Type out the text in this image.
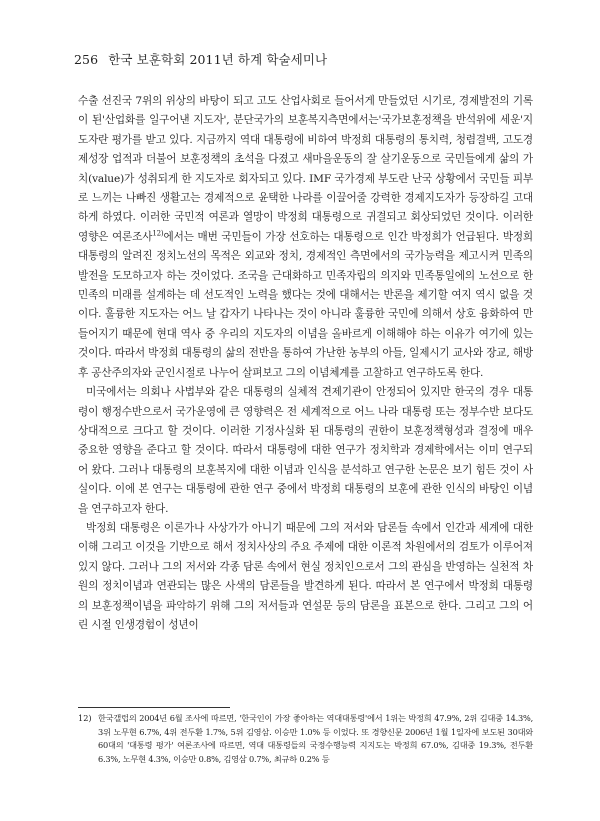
256 한국 보훈학회 2011년 하계 학술세미나

수출 선진국 7위의 위상의 바탕이 되고 고도 산업사회로 들어서게 만들었던 시기로, 경제발전의 기록이 된'산업화를 일구어낸 지도자', 분단국가의 보훈복지측면에서는'국가보훈정책을 반석위에 세운'지도자란 평가를 받고 있다. 지금까지 역대 대통령에 비하여 박정희 대통령의 통치력, 청렴결백, 고도경제성장 업적과 더불어 보훈정책의 초석을 다졌고 새마을운동의 잘 살기운동으로 국민들에게 삶의 가치(value)가 성취되게 한 지도자로 회자되고 있다. IMF 국가경제 부도란 난국 상황에서 국민들 피부로 느끼는 나빠진 생활고는 경제적으로 윤택한 나라를 이끌어줄 강력한 경제지도자가 등장하길 고대하게 하였다. 이러한 국민적 여론과 열망이 박정희 대통령으로 귀결되고 회상되었던 것이다. 이러한 영향은 여론조사$^{12)}$에서는 매번 국민들이 가장 선호하는 대통령으로 인간 박정희가 언급된다. 박정희 대통령의 알려진 정치노선의 목적은 외교와 정치, 경제적인 측면에서의 국가능력을 제고시켜 민족의 발전을 도모하고자 하는 것이었다. 조국을 근대화하고 민족자립의 의지와 민족통일에의 노선으로 한민족의 미래를 설계하는 데 선도적인 노력을 했다는 것에 대해서는 반론을 제기할 여지 역시 없을 것이다. 훌륭한 지도자는 어느 날 갑자기 나타나는 것이 아니라 훌륭한 국민에 의해서 상호 융화하여 만들어지기 때문에 현대 역사 중 우리의 지도자의 이념을 올바르게 이해해야 하는 이유가 여기에 있는 것이다. 따라서 박정희 대통령의 삶의 전반을 통하여 가난한 농부의 아들, 일제시기 교사와 장교, 해방 후 공산주의자와 군인시절로 나누어 살펴보고 그의 이념체계를 고찰하고 연구하도록 한다.

미국에서는 의회나 사법부와 같은 대통령의 실체적 견제기관이 안정되어 있지만 한국의 경우 대통령이 행정수반으로서 국가운영에 큰 영향력은 전 세계적으로 어느 나라 대통령 또는 정부수반 보다도 상대적으로 크다고 할 것이다. 이러한 기정사실화 된 대통령의 권한이 보훈정책형성과 결정에 매우 중요한 영향을 준다고 할 것이다. 따라서 대통령에 대한 연구가 정치학과 경제학에서는 이미 연구되어 왔다. 그러나 대통령의 보훈복지에 대한 이념과 인식을 분석하고 연구한 논문은 보기 힘든 것이 사실이다. 이에 본 연구는 대통령에 관한 연구 중에서 박정희 대통령의 보훈에 관한 인식의 바탕인 이념을 연구하고자 한다.

박정희 대통령은 이론가나 사상가가 아니기 때문에 그의 저서와 담론들 속에서 인간과 세계에 대한 이해 그리고 이것을 기반으로 해서 정치사상의 주요 주제에 대한 이론적 차원에서의 검토가 이루어져 있지 않다. 그러나 그의 저서와 각종 담론 속에서 현실 정치인으로서 그의 관심을 반영하는 실천적 차원의 정치이념과 연관되는 많은 사색의 담론들을 발견하게 된다. 따라서 본 연구에서 박정희 대통령의 보훈정책이념을 파악하기 위해 그의 저서들과 연설문 등의 담론을 표본으로 한다. 그리고 그의 어린 시절 인생경험이 성년이

12) 한국갤럽의 2004년 6월 조사에 따르면, '한국인이 가장 좋아하는 역대대통령'에서 1위는 박정희 47.9%, 2위 김대중 14.3%, 3위 노무현 6.7%, 4위 전두환 1.7%, 5위 김영삼. 이승만 1.0% 등 이었다. 또 경향신문 2006년 1월 1일자에 보도된 30대와 60대의 '대통령 평가' 여론조사에 따르면, 역대 대통령들의 국정수행능력 지지도는 박정희 67.0%, 김대중 19.3%, 전두환 6.3%, 노무현 4.3%, 이승만 0.8%, 김영삼 0.7%, 최규하 0.2% 등
